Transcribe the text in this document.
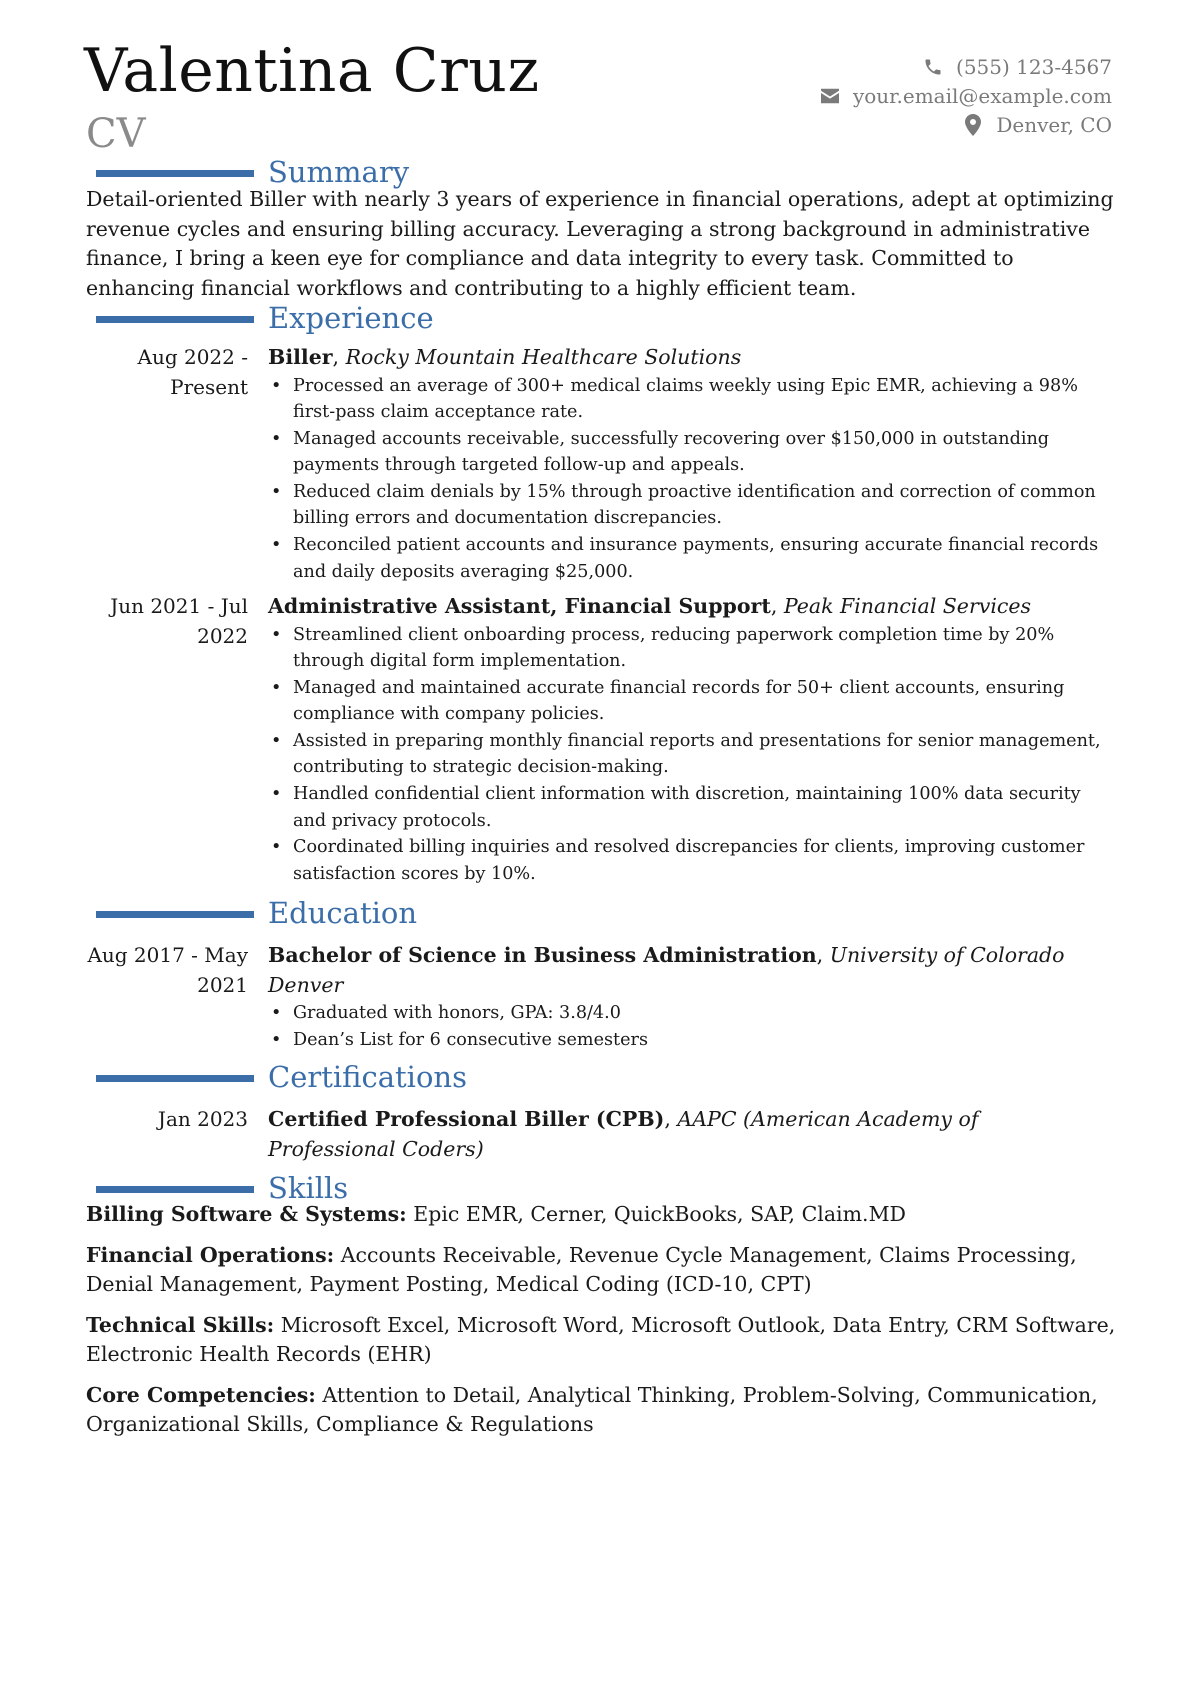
Valentina Cruz
CV
(555) 123-4567
your.email@example.com
Denver, CO
Summary
Detail-oriented Biller with nearly 3 years of experience in financial operations, adept at optimizing revenue cycles and ensuring billing accuracy. Leveraging a strong background in administrative finance, I bring a keen eye for compliance and data integrity to every task. Committed to enhancing financial workflows and contributing to a highly efficient team.
Experience
Aug 2022 - Present
Biller, Rocky Mountain Healthcare Solutions
• Processed an average of 300+ medical claims weekly using Epic EMR, achieving a 98% first-pass claim acceptance rate.
• Managed accounts receivable, successfully recovering over $150,000 in outstanding payments through targeted follow-up and appeals.
• Reduced claim denials by 15% through proactive identification and correction of common billing errors and documentation discrepancies.
• Reconciled patient accounts and insurance payments, ensuring accurate financial records and daily deposits averaging $25,000.
Jun 2021 - Jul 2022
Administrative Assistant, Financial Support, Peak Financial Services
• Streamlined client onboarding process, reducing paperwork completion time by 20% through digital form implementation.
• Managed and maintained accurate financial records for 50+ client accounts, ensuring compliance with company policies.
• Assisted in preparing monthly financial reports and presentations for senior management, contributing to strategic decision-making.
• Handled confidential client information with discretion, maintaining 100% data security and privacy protocols.
• Coordinated billing inquiries and resolved discrepancies for clients, improving customer satisfaction scores by 10%.
Education
Aug 2017 - May 2021
Bachelor of Science in Business Administration, University of Colorado Denver
• Graduated with honors, GPA: 3.8/4.0
• Dean’s List for 6 consecutive semesters
Certifications
Jan 2023 Certified Professional Biller (CPB), AAPC (American Academy of Professional Coders)
Skills
Billing Software & Systems: Epic EMR, Cerner, QuickBooks, SAP, Claim.MD
Financial Operations: Accounts Receivable, Revenue Cycle Management, Claims Processing, Denial Management, Payment Posting, Medical Coding (ICD-10, CPT)
Technical Skills: Microsoft Excel, Microsoft Word, Microsoft Outlook, Data Entry, CRM Software, Electronic Health Records (EHR)
Core Competencies: Attention to Detail, Analytical Thinking, Problem-Solving, Communication, Organizational Skills, Compliance & Regulations
